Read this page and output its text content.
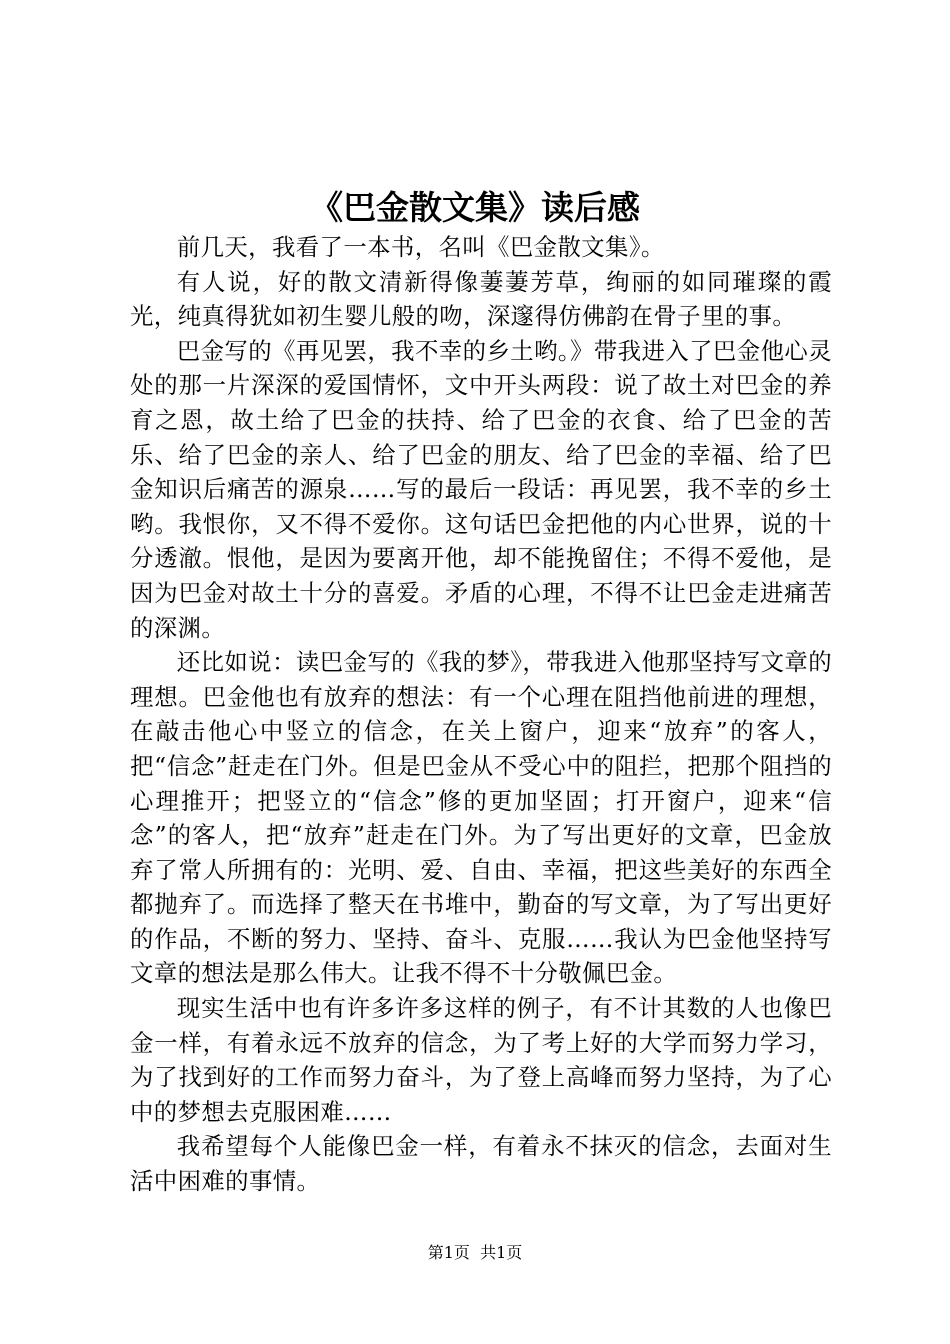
《巴金散文集》读后感

前几天，我看了一本书，名叫《巴金散文集》。

有人说，好的散文清新得像萋萋芳草，绚丽的如同璀璨的霞光，纯真得犹如初生婴儿般的吻，深邃得仿佛韵在骨子里的事。

巴金写的《再见罢，我不幸的乡土哟。》带我进入了巴金他心灵处的那一片深深的爱国情怀，文中开头两段：说了故土对巴金的养育之恩，故土给了巴金的扶持、给了巴金的衣食、给了巴金的苦乐、给了巴金的亲人、给了巴金的朋友、给了巴金的幸福、给了巴金知识后痛苦的源泉……写的最后一段话：再见罢，我不幸的乡土哟。我恨你，又不得不爱你。这句话巴金把他的内心世界，说的十分透澈。恨他，是因为要离开他，却不能挽留住；不得不爱他，是因为巴金对故土十分的喜爱。矛盾的心理，不得不让巴金走进痛苦的深渊。

还比如说：读巴金写的《我的梦》，带我进入他那坚持写文章的理想。巴金他也有放弃的想法：有一个心理在阻挡他前进的理想，在敲击他心中竖立的信念，在关上窗户，迎来“放弃”的客人，把“信念”赶走在门外。但是巴金从不受心中的阻拦，把那个阻挡的心理推开；把竖立的“信念”修的更加坚固；打开窗户，迎来“信念”的客人，把“放弃”赶走在门外。为了写出更好的文章，巴金放弃了常人所拥有的：光明、爱、自由、幸福，把这些美好的东西全都抛弃了。而选择了整天在书堆中，勤奋的写文章，为了写出更好的作品，不断的努力、坚持、奋斗、克服……我认为巴金他坚持写文章的想法是那么伟大。让我不得不十分敬佩巴金。

现实生活中也有许多许多这样的例子，有不计其数的人也像巴金一样，有着永远不放弃的信念，为了考上好的大学而努力学习，为了找到好的工作而努力奋斗，为了登上高峰而努力坚持，为了心中的梦想去克服困难……

我希望每个人能像巴金一样，有着永不抹灭的信念，去面对生活中困难的事情。

第1页 共1页
